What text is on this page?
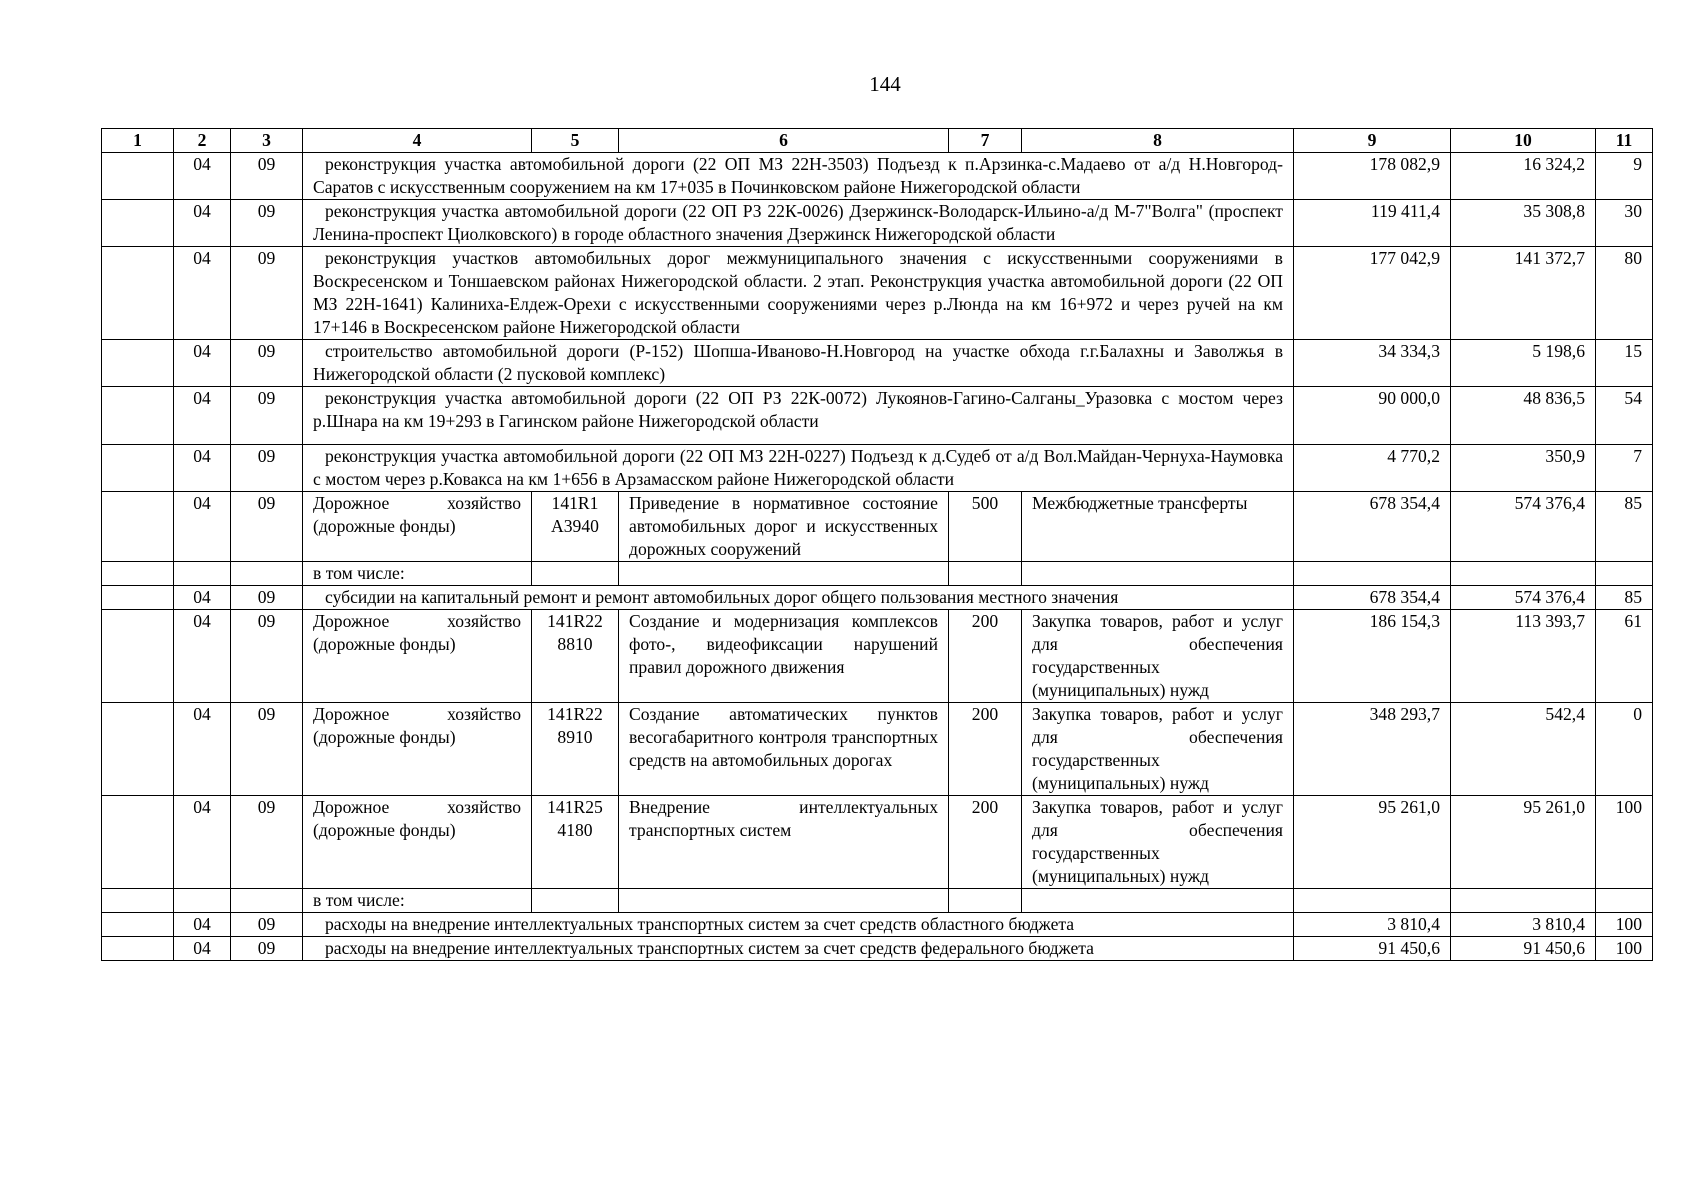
144
1	2	3	4	5	6	7	8	9	10	11
	04	09	реконструкция участка автомобильной дороги (22 ОП МЗ 22Н-3503) Подъезд к п.Арзинка-с.Мадаево от а/д Н.Новгород-Саратов с искусственным сооружением на км 17+035 в Починковском районе Нижегородской области					178 082,9	16 324,2	9
	04	09	реконструкция участка автомобильной дороги (22 ОП РЗ 22К-0026) Дзержинск-Володарск-Ильино-а/д М-7"Волга" (проспект Ленина-проспект Циолковского) в городе областного значения Дзержинск Нижегородской области					119 411,4	35 308,8	30
	04	09	реконструкция участков автомобильных дорог межмуниципального значения с искусственными сооружениями в Воскресенском и Тоншаевском районах Нижегородской области. 2 этап. Реконструкция участка автомобильной дороги (22 ОП МЗ 22Н-1641) Калиниха-Елдеж-Орехи с искусственными сооружениями через р.Люнда на км 16+972 и через ручей на км 17+146 в Воскресенском районе Нижегородской области					177 042,9	141 372,7	80
	04	09	строительство автомобильной дороги (Р-152) Шопша-Иваново-Н.Новгород на участке обхода г.г.Балахны и Заволжья в Нижегородской области (2 пусковой комплекс)					34 334,3	5 198,6	15
	04	09	реконструкция участка автомобильной дороги (22 ОП РЗ 22К-0072) Лукоянов-Гагино-Салганы_Уразовка с мостом через р.Шнара на км 19+293 в Гагинском районе Нижегородской области					90 000,0	48 836,5	54
	04	09	реконструкция участка автомобильной дороги (22 ОП МЗ 22Н-0227) Подъезд к д.Судеб от а/д Вол.Майдан-Чернуха-Наумовка с мостом через р.Ковакса на км 1+656 в Арзамасском районе Нижегородской области					4 770,2	350,9	7
	04	09	Дорожное хозяйство (дорожные фонды)	141R1 А3940	Приведение в нормативное состояние автомобильных дорог и искусственных дорожных сооружений	500	Межбюджетные трансферты	678 354,4	574 376,4	85
			в том числе:							
	04	09	субсидии на капитальный ремонт и ремонт автомобильных дорог общего пользования местного значения					678 354,4	574 376,4	85
	04	09	Дорожное хозяйство (дорожные фонды)	141R22 8810	Создание и модернизация комплексов фото-, видеофиксации нарушений правил дорожного движения	200	Закупка товаров, работ и услуг для обеспечения государственных (муниципальных) нужд	186 154,3	113 393,7	61
	04	09	Дорожное хозяйство (дорожные фонды)	141R22 8910	Создание автоматических пунктов весогабаритного контроля транспортных средств на автомобильных дорогах	200	Закупка товаров, работ и услуг для обеспечения государственных (муниципальных) нужд	348 293,7	542,4	0
	04	09	Дорожное хозяйство (дорожные фонды)	141R25 4180	Внедрение интеллектуальных транспортных систем	200	Закупка товаров, работ и услуг для обеспечения государственных (муниципальных) нужд	95 261,0	95 261,0	100
			в том числе:							
	04	09	расходы на внедрение интеллектуальных транспортных систем за счет средств областного бюджета					3 810,4	3 810,4	100
	04	09	расходы на внедрение интеллектуальных транспортных систем за счет средств федерального бюджета					91 450,6	91 450,6	100
